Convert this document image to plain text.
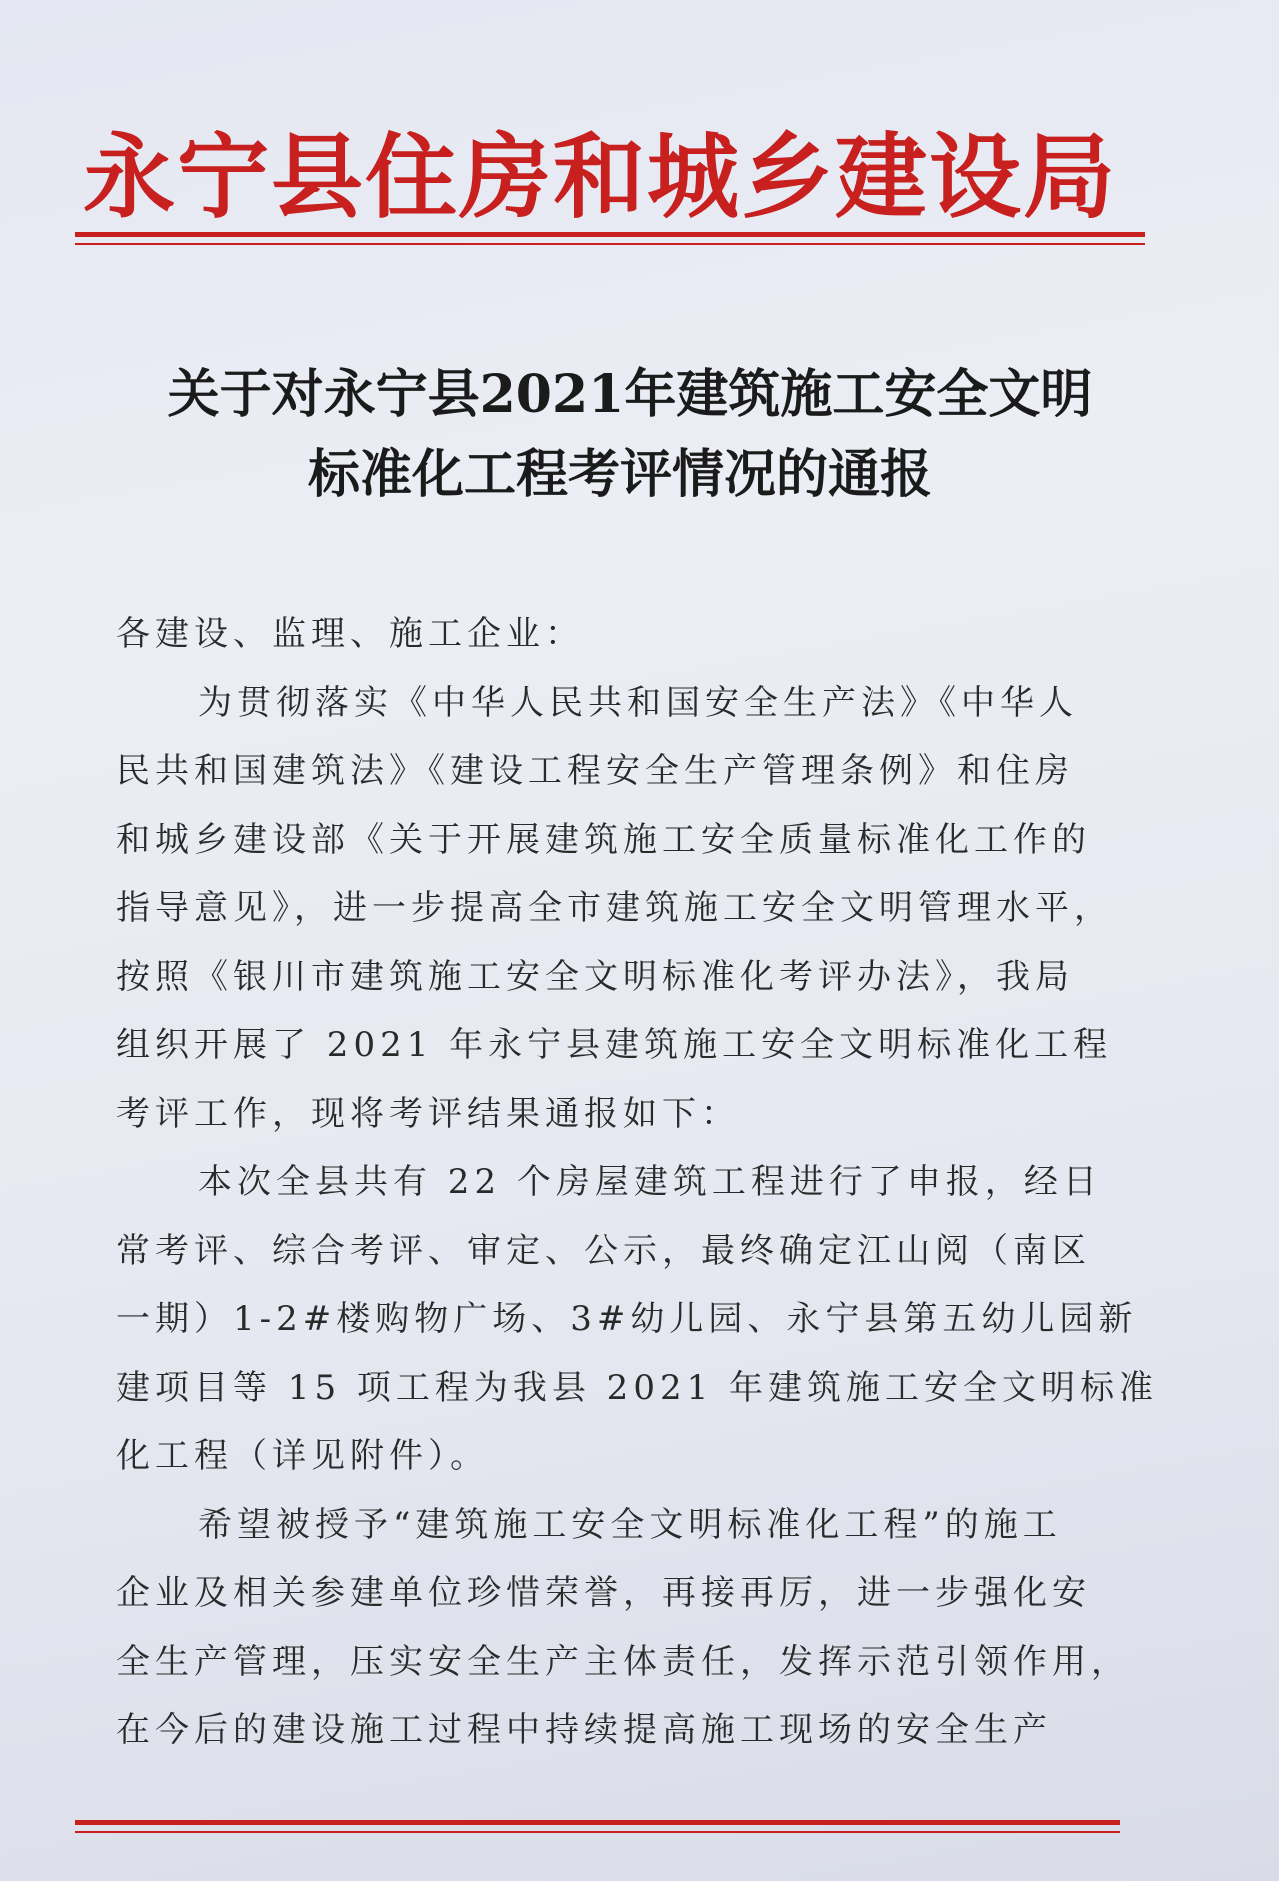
永宁县住房和城乡建设局
关于对永宁县2021年建筑施工安全文明
标准化工程考评情况的通报
各建设、监理、施工企业：
为贯彻落实《中华人民共和国安全生产法》《中华人
民共和国建筑法》《建设工程安全生产管理条例》和住房
和城乡建设部《关于开展建筑施工安全质量标准化工作的
指导意见》，进一步提高全市建筑施工安全文明管理水平，
按照《银川市建筑施工安全文明标准化考评办法》，我局
组织开展了 2021 年永宁县建筑施工安全文明标准化工程
考评工作，现将考评结果通报如下：
本次全县共有 22 个房屋建筑工程进行了申报，经日
常考评、综合考评、审定、公示，最终确定江山阅（南区
一期）1-2#楼购物广场、3#幼儿园、永宁县第五幼儿园新
建项目等 15 项工程为我县 2021 年建筑施工安全文明标准
化工程（详见附件）。
希望被授予“建筑施工安全文明标准化工程”的施工
企业及相关参建单位珍惜荣誉，再接再厉，进一步强化安
全生产管理，压实安全生产主体责任，发挥示范引领作用，
在今后的建设施工过程中持续提高施工现场的安全生产
